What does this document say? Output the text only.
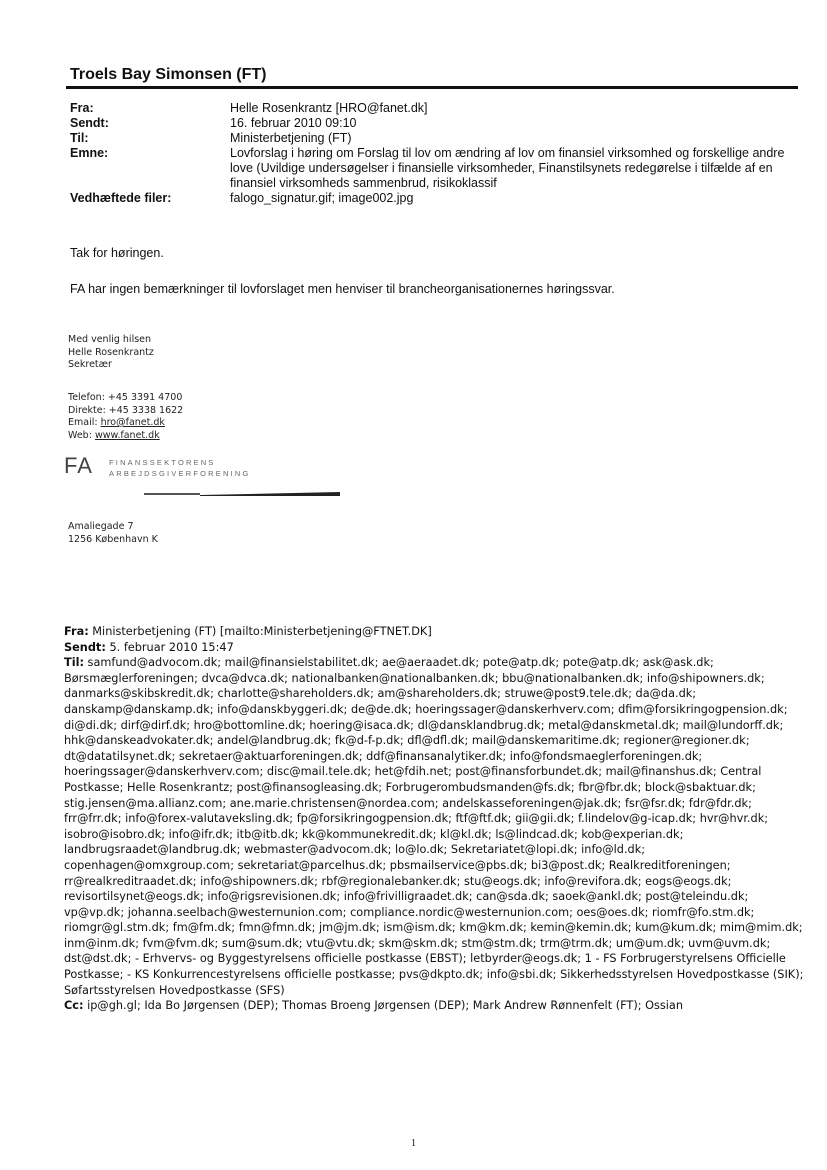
Troels Bay Simonsen (FT)
Fra:	Helle Rosenkrantz [HRO@fanet.dk]
Sendt:	16. februar 2010 09:10
Til:	Ministerbetjening (FT)
Emne:	Lovforslag i høring om Forslag til lov om ændring af lov om finansiel virksomhed og forskellige andre love (Uvildige undersøgelser i finansielle virksomheder, Finanstilsynets redegørelse i tilfælde af en finansiel virksomheds sammenbrud, risikoklassif
Vedhæftede filer:	falogo_signatur.gif; image002.jpg
Tak for høringen.
FA har ingen bemærkninger til lovforslaget men henviser til brancheorganisationernes høringssvar.
Med venlig hilsen
Helle Rosenkrantz
Sekretær
Telefon: +45 3391 4700
Direkte: +45 3338 1622
Email: hro@fanet.dk
Web: www.fanet.dk
FA FINANSSEKTORENS
ARBEJDSGIVERFORENING
Amaliegade 7
1256 København K
Fra: Ministerbetjening (FT) [mailto:Ministerbetjening@FTNET.DK]
Sendt: 5. februar 2010 15:47
Til: samfund@advocom.dk; mail@finansielstabilitet.dk; ae@aeraadet.dk; pote@atp.dk; pote@atp.dk; ask@ask.dk; Børsmæglerforeningen; dvca@dvca.dk; nationalbanken@nationalbanken.dk; bbu@nationalbanken.dk; info@shipowners.dk; danmarks@skibskredit.dk; charlotte@shareholders.dk; am@shareholders.dk; struwe@post9.tele.dk; da@da.dk; danskamp@danskamp.dk; info@danskbyggeri.dk; de@de.dk; hoeringssager@danskerhverv.com; dfim@forsikringogpension.dk; di@di.dk; dirf@dirf.dk; hro@bottomline.dk; hoering@isaca.dk; dl@dansklandbrug.dk; metal@danskmetal.dk; mail@lundorff.dk; hhk@danskeadvokater.dk; andel@landbrug.dk; fk@d-f-p.dk; dfl@dfl.dk; mail@danskemaritime.dk; regioner@regioner.dk; dt@datatilsynet.dk; sekretaer@aktuarforeningen.dk; ddf@finansanalytiker.dk; info@fondsmaeglerforeningen.dk; hoeringssager@danskerhverv.com; disc@mail.tele.dk; het@fdih.net; post@finansforbundet.dk; mail@finanshus.dk; Central Postkasse; Helle Rosenkrantz; post@finansogleasing.dk; Forbrugerombudsmanden@fs.dk; fbr@fbr.dk; block@sbaktuar.dk; stig.jensen@ma.allianz.com; ane.marie.christensen@nordea.com; andelskasseforeningen@jak.dk; fsr@fsr.dk; fdr@fdr.dk; frr@frr.dk; info@forex-valutaveksling.dk; fp@forsikringogpension.dk; ftf@ftf.dk; gii@gii.dk; f.lindelov@g-icap.dk; hvr@hvr.dk; isobro@isobro.dk; info@ifr.dk; itb@itb.dk; kk@kommunekredit.dk; kl@kl.dk; ls@lindcad.dk; kob@experian.dk; landbrugsraadet@landbrug.dk; webmaster@advocom.dk; lo@lo.dk; Sekretariatet@lopi.dk; info@ld.dk; copenhagen@omxgroup.com; sekretariat@parcelhus.dk; pbsmailservice@pbs.dk; bi3@post.dk; Realkreditforeningen; rr@realkreditraadet.dk; info@shipowners.dk; rbf@regionalebanker.dk; stu@eogs.dk; info@revifora.dk; eogs@eogs.dk; revisortilsynet@eogs.dk; info@rigsrevisionen.dk; info@frivilligraadet.dk; can@sda.dk; saoek@ankl.dk; post@teleindu.dk; vp@vp.dk; johanna.seelbach@westernunion.com; compliance.nordic@westernunion.com; oes@oes.dk; riomfr@fo.stm.dk; riomgr@gl.stm.dk; fm@fm.dk; fmn@fmn.dk; jm@jm.dk; ism@ism.dk; km@km.dk; kemin@kemin.dk; kum@kum.dk; mim@mim.dk; inm@inm.dk; fvm@fvm.dk; sum@sum.dk; vtu@vtu.dk; skm@skm.dk; stm@stm.dk; trm@trm.dk; um@um.dk; uvm@uvm.dk; dst@dst.dk; - Erhvervs- og Byggestyrelsens officielle postkasse (EBST); letbyrder@eogs.dk; 1 - FS Forbrugerstyrelsens Officielle Postkasse; - KS Konkurrencestyrelsens officielle postkasse; pvs@dkpto.dk; info@sbi.dk; Sikkerhedsstyrelsen Hovedpostkasse (SIK); Søfartsstyrelsen Hovedpostkasse (SFS)
Cc: ip@gh.gl; Ida Bo Jørgensen (DEP); Thomas Broeng Jørgensen (DEP); Mark Andrew Rønnenfelt (FT); Ossian
1
